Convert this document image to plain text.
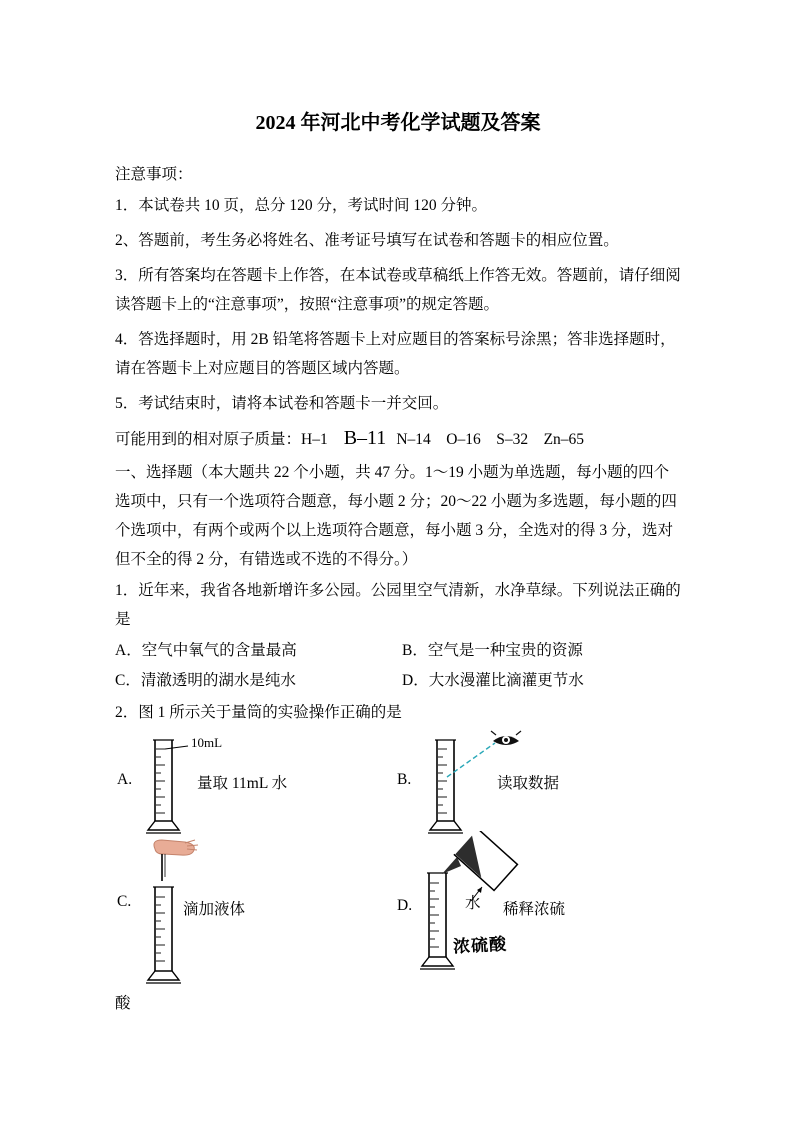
2024 年河北中考化学试题及答案

注意事项：

1．本试卷共 10 页，总分 120 分，考试时间 120 分钟。

2、答题前，考生务必将姓名、准考证号填写在试卷和答题卡的相应位置。

3．所有答案均在答题卡上作答，在本试卷或草稿纸上作答无效。答题前，请仔细阅读答题卡上的“注意事项”，按照“注意事项”的规定答题。

4．答选择题时，用 2B 铅笔将答题卡上对应题目的答案标号涂黑；答非选择题时，请在答题卡上对应题目的答题区域内答题。

5．考试结束时，请将本试卷和答题卡一并交回。

可能用到的相对原子质量：H–1 B–11 N–14　O–16　S–32　Zn–65

一、选择题（本大题共 22 个小题，共 47 分。1～19 小题为单选题，每小题的四个选项中，只有一个选项符合题意，每小题 2 分；20～22 小题为多选题，每小题的四个选项中，有两个或两个以上选项符合题意，每小题 3 分，全选对的得 3 分，选对但不全的得 2 分，有错选或不选的不得分。）

1．近年来，我省各地新增许多公园。公园里空气清新，水净草绿。下列说法正确的是

A．空气中氧气的含量最高	B．空气是一种宝贵的资源
C．清澈透明的湖水是纯水	D．大水漫灌比滴灌更节水

2．图 1 所示关于量筒的实验操作正确的是

A.
10mL
量取 11mL 水	B.	读取数据
C.	滴加液体	D.	水
浓硫酸
稀释浓硫

酸
